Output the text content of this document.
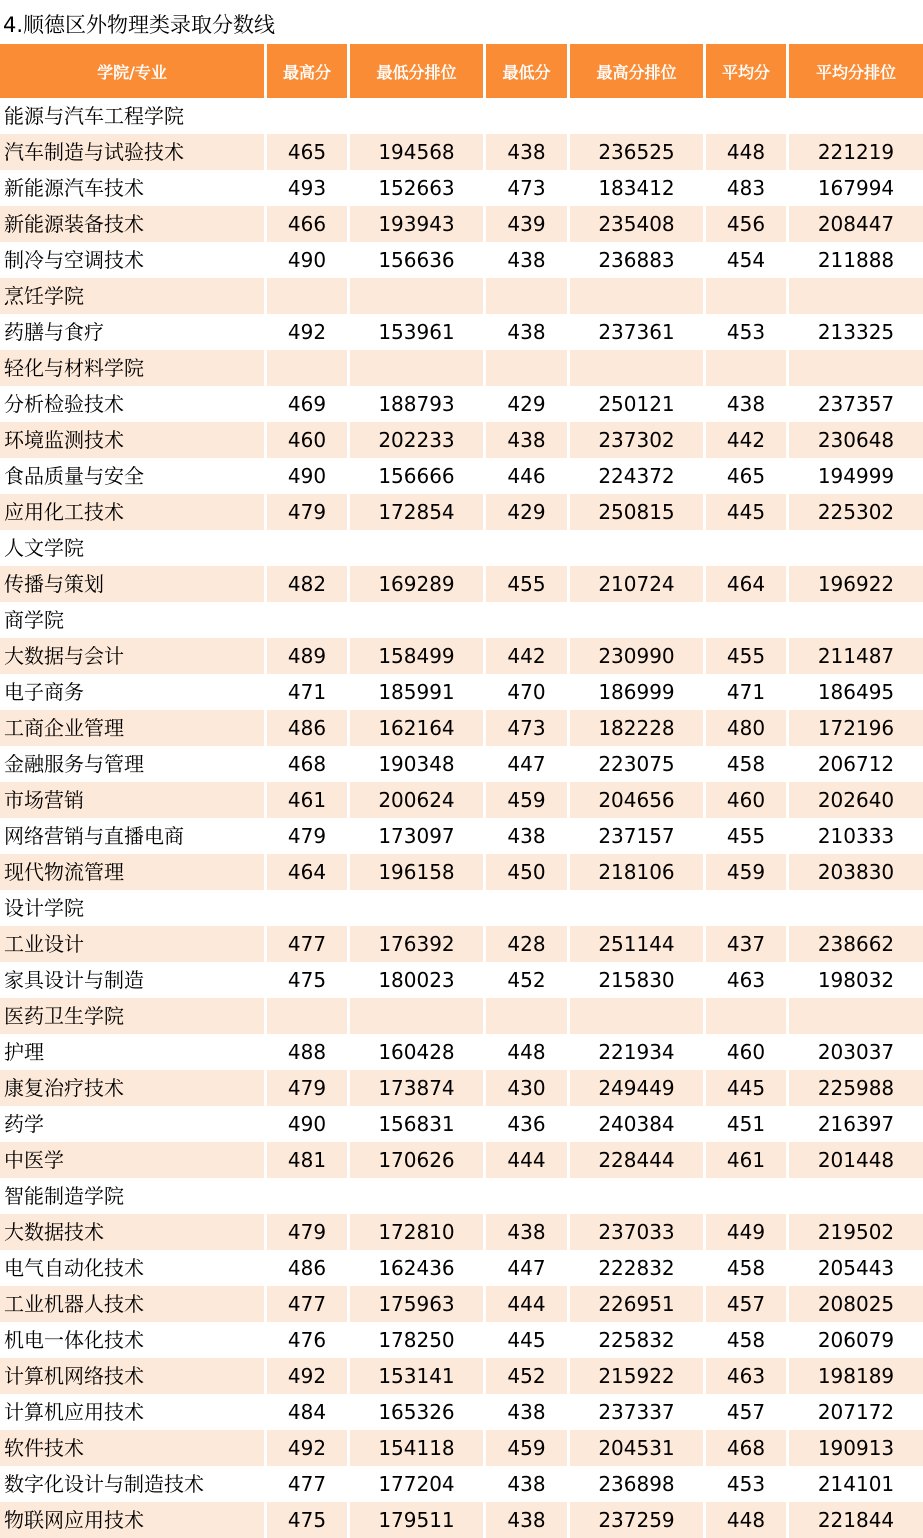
4.顺德区外物理类录取分数线
学院/专业	最高分	最低分排位	最低分	最高分排位	平均分	平均分排位
能源与汽车工程学院						
汽车制造与试验技术	465	194568	438	236525	448	221219
新能源汽车技术	493	152663	473	183412	483	167994
新能源装备技术	466	193943	439	235408	456	208447
制冷与空调技术	490	156636	438	236883	454	211888
烹饪学院						
药膳与食疗	492	153961	438	237361	453	213325
轻化与材料学院						
分析检验技术	469	188793	429	250121	438	237357
环境监测技术	460	202233	438	237302	442	230648
食品质量与安全	490	156666	446	224372	465	194999
应用化工技术	479	172854	429	250815	445	225302
人文学院						
传播与策划	482	169289	455	210724	464	196922
商学院						
大数据与会计	489	158499	442	230990	455	211487
电子商务	471	185991	470	186999	471	186495
工商企业管理	486	162164	473	182228	480	172196
金融服务与管理	468	190348	447	223075	458	206712
市场营销	461	200624	459	204656	460	202640
网络营销与直播电商	479	173097	438	237157	455	210333
现代物流管理	464	196158	450	218106	459	203830
设计学院						
工业设计	477	176392	428	251144	437	238662
家具设计与制造	475	180023	452	215830	463	198032
医药卫生学院						
护理	488	160428	448	221934	460	203037
康复治疗技术	479	173874	430	249449	445	225988
药学	490	156831	436	240384	451	216397
中医学	481	170626	444	228444	461	201448
智能制造学院						
大数据技术	479	172810	438	237033	449	219502
电气自动化技术	486	162436	447	222832	458	205443
工业机器人技术	477	175963	444	226951	457	208025
机电一体化技术	476	178250	445	225832	458	206079
计算机网络技术	492	153141	452	215922	463	198189
计算机应用技术	484	165326	438	237337	457	207172
软件技术	492	154118	459	204531	468	190913
数字化设计与制造技术	477	177204	438	236898	453	214101
物联网应用技术	475	179511	438	237259	448	221844
